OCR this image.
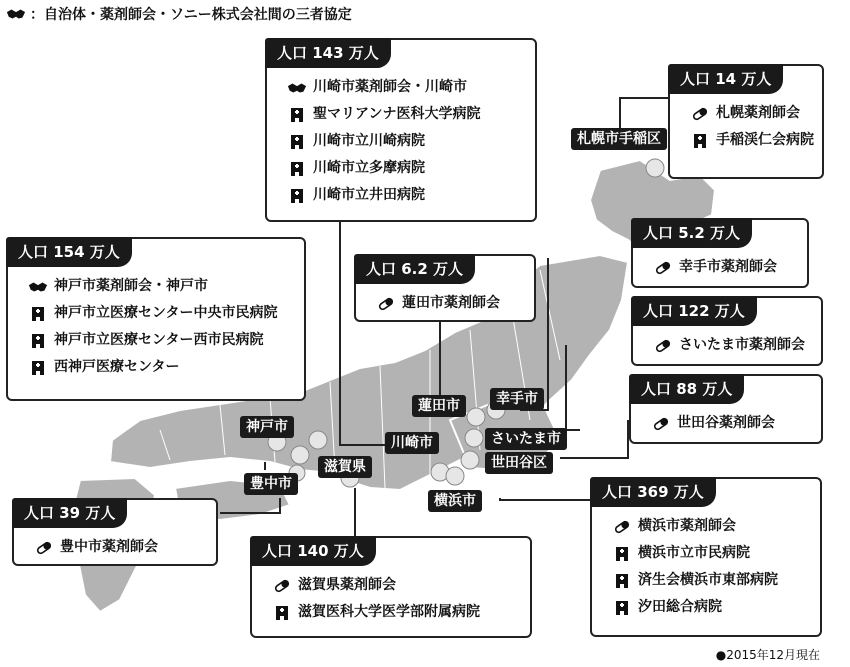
：自治体・薬剤師会・ソニー株式会社間の三者協定
人口 143 万人
川崎市薬剤師会・川崎市
聖マリアンナ医科大学病院
川崎市立川崎病院
川崎市立多摩病院
川崎市立井田病院
人口 14 万人
札幌薬剤師会
手稲渓仁会病院
人口 154 万人
神戸市薬剤師会・神戸市
神戸市立医療センター中央市民病院
神戸市立医療センター西市民病院
西神戸医療センター
人口 6.2 万人
蓮田市薬剤師会
人口 5.2 万人
幸手市薬剤師会
人口 122 万人
さいたま市薬剤師会
人口 88 万人
世田谷薬剤師会
人口 39 万人
豊中市薬剤師会	人口 140 万人
滋賀県薬剤師会
滋賀医科大学医学部附属病院
人口 369 万人
横浜市薬剤師会
横浜市立市民病院
済生会横浜市東部病院
汐田総合病院
札幌市手稲区
神戸市
豊中市
滋賀県
川崎市
蓮田市	幸手市
さいたま市
世田谷区
横浜市
●2015年12月現在
